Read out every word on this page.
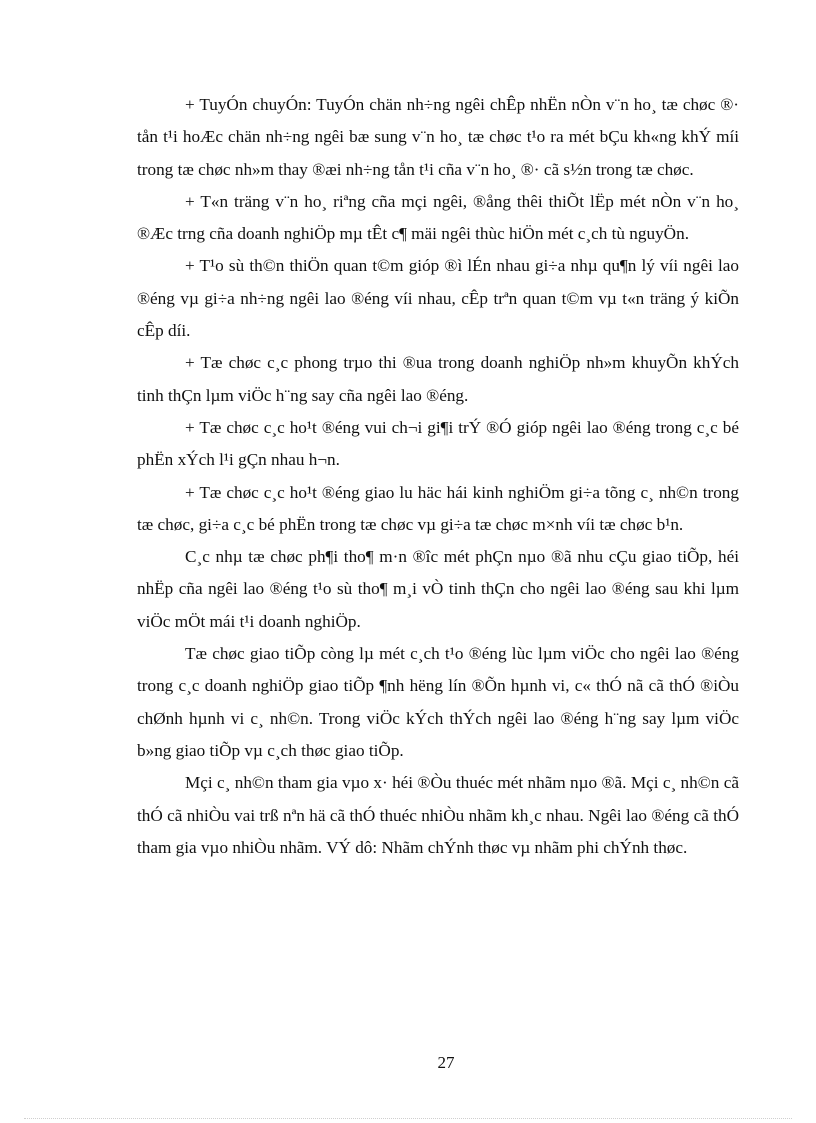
+ TuyÓn chuyÓn: TuyÓn chän nh÷ng ngêi chÊp nhËn nÒn v¨n ho¸ tæ chøc ®· tån t¹i hoÆc chän nh÷ng ngêi bæ sung v¨n ho¸ tæ chøc t¹o ra mét bÇu kh«ng khÝ míi trong tæ chøc nh»m thay ®æi nh÷ng tån t¹i cña v¨n ho¸ ®· cã s½n trong tæ chøc.

+ T«n träng v¨n ho¸ riªng cña mçi ngêi, ®ång thêi thiÕt lËp mét nÒn v¨n ho¸ ®Æc trng cña doanh nghiÖp mµ tÊt c¶ mäi ngêi thùc hiÖn mét c¸ch tù nguyÖn.

+ T¹o sù th©n thiÖn quan t©m gióp ®ì lÉn nhau gi÷a nhµ qu¶n lý víi ngêi lao ®éng vµ gi÷a nh÷ng ngêi lao ®éng víi nhau, cÊp trªn quan t©m vµ t«n träng ý kiÕn cÊp díi.

+ Tæ chøc c¸c phong trµo thi ®ua trong doanh nghiÖp nh»m khuyÕn khÝch tinh thÇn lµm viÖc h¨ng say cña ngêi lao ®éng.

+ Tæ chøc c¸c ho¹t ®éng vui ch¬i gi¶i trÝ ®Ó gióp ngêi lao ®éng trong c¸c bé phËn xÝch l¹i gÇn nhau h¬n.

+ Tæ chøc c¸c ho¹t ®éng giao lu häc hái kinh nghiÖm gi÷a tõng c¸ nh©n trong tæ chøc, gi÷a c¸c bé phËn trong tæ chøc vµ gi÷a tæ chøc m×nh víi tæ chøc b¹n.

C¸c nhµ tæ chøc ph¶i tho¶ m·n ®îc mét phÇn nµo ®ã nhu cÇu giao tiÕp, héi nhËp cña ngêi lao ®éng t¹o sù tho¶ m¸i vÒ tinh thÇn cho ngêi lao ®éng sau khi lµm viÖc mÖt mái t¹i doanh nghiÖp.

Tæ chøc giao tiÕp còng lµ mét c¸ch t¹o ®éng lùc lµm viÖc cho ngêi lao ®éng trong c¸c doanh nghiÖp giao tiÕp ¶nh hëng lín ®Õn hµnh vi, c« thÓ nã cã thÓ ®iÒu chØnh hµnh vi c¸ nh©n. Trong viÖc kÝch thÝch ngêi lao ®éng h¨ng say lµm viÖc b»ng giao tiÕp vµ c¸ch thøc giao tiÕp.

Mçi c¸ nh©n tham gia vµo x· héi ®Òu thuéc mét nhãm nµo ®ã. Mçi c¸ nh©n cã thÓ cã nhiÒu vai trß nªn hä cã thÓ thuéc nhiÒu nhãm kh¸c nhau. Ngêi lao ®éng cã thÓ tham gia vµo nhiÒu nhãm. VÝ dô: Nhãm chÝnh thøc vµ nhãm phi chÝnh thøc.

27
